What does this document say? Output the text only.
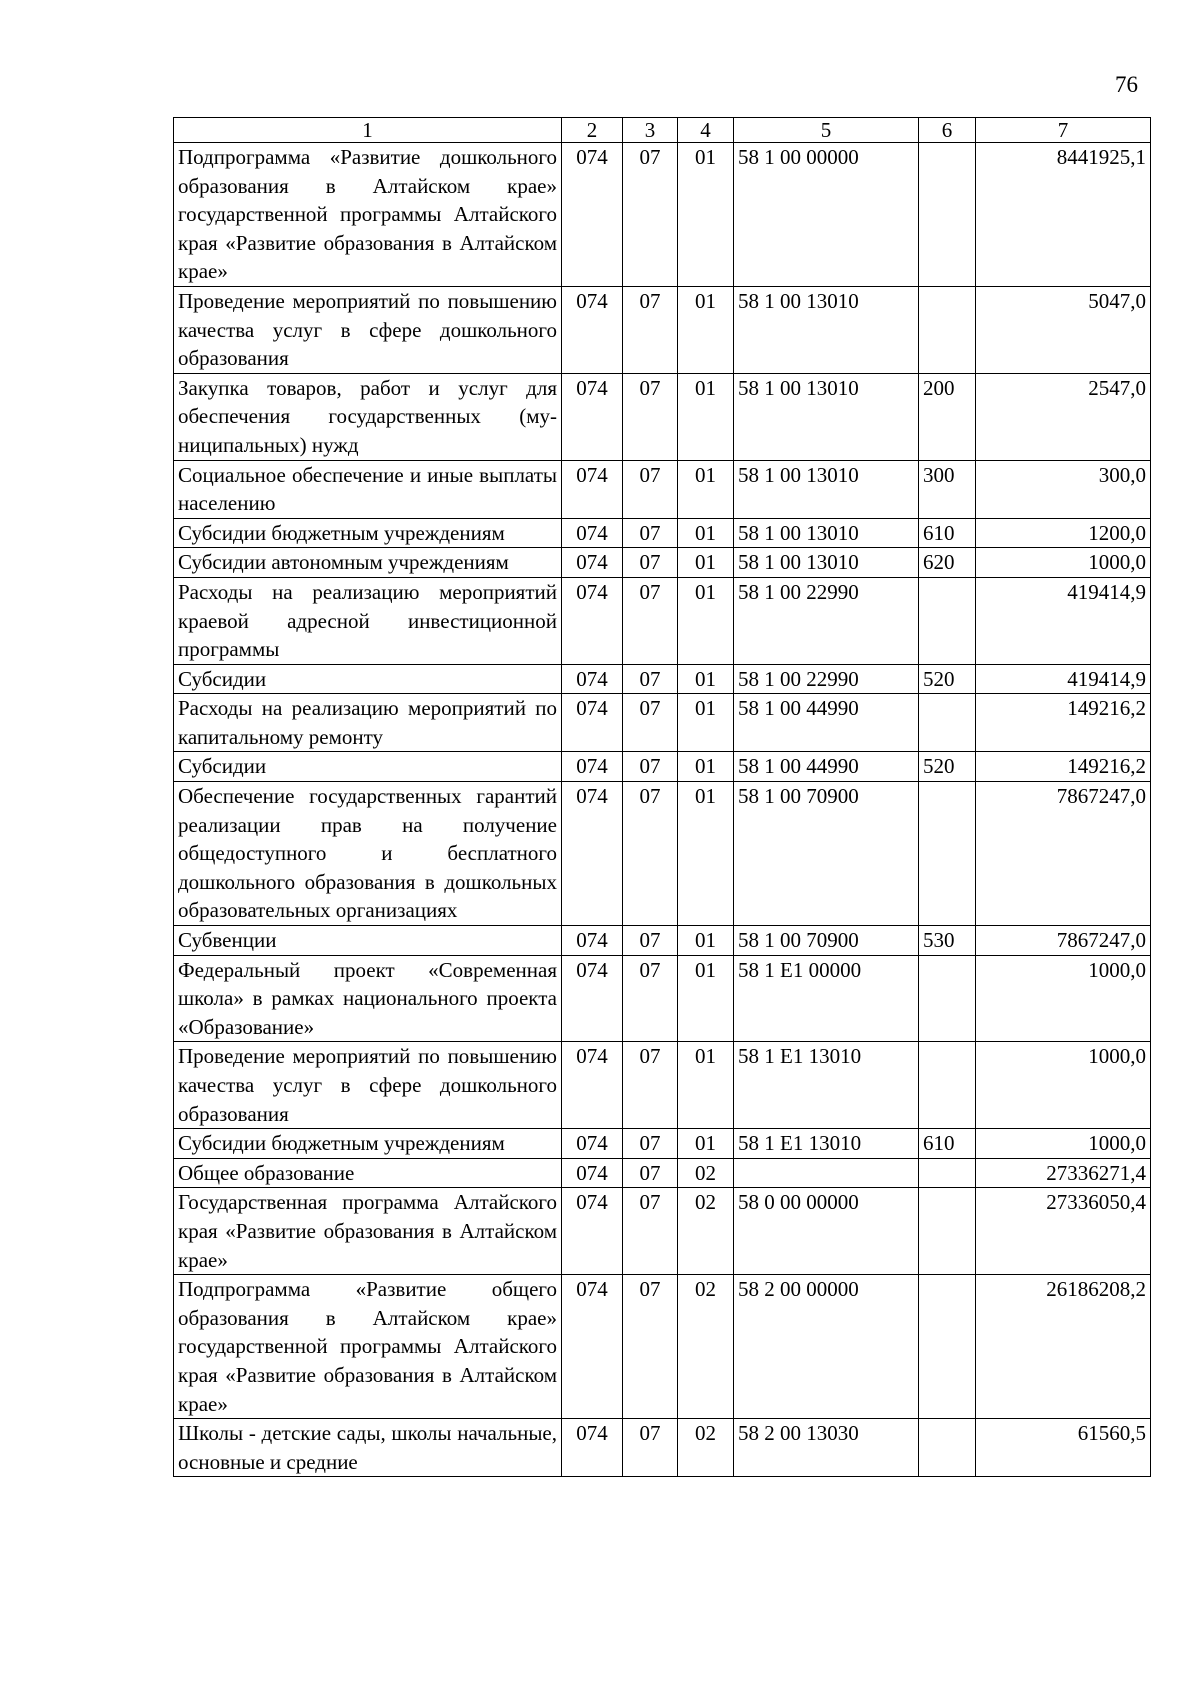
76
1	2	3	4	5	6	7
Подпрограмма «Развитие дошкольного образования в Алтайском крае» государственной программы Алтайского края «Развитие образования в Алтайском крае»	074	07	01	58 1 00 00000		8441925,1
Проведение мероприятий по повышению качества услуг в сфере дошкольного образования	074	07	01	58 1 00 13010		5047,0
Закупка товаров, работ и услуг для обеспечения государственных (муниципальных) нужд	074	07	01	58 1 00 13010	200	2547,0
Социальное обеспечение и иные выплаты населению	074	07	01	58 1 00 13010	300	300,0
Субсидии бюджетным учреждениям	074	07	01	58 1 00 13010	610	1200,0
Субсидии автономным учреждениям	074	07	01	58 1 00 13010	620	1000,0
Расходы на реализацию мероприятий краевой адресной инвестиционной программы	074	07	01	58 1 00 22990		419414,9
Субсидии	074	07	01	58 1 00 22990	520	419414,9
Расходы на реализацию мероприятий по капитальному ремонту	074	07	01	58 1 00 44990		149216,2
Субсидии	074	07	01	58 1 00 44990	520	149216,2
Обеспечение государственных гарантий реализации прав на получение общедоступного и бесплатного дошкольного образования в дошкольных образовательных организациях	074	07	01	58 1 00 70900		7867247,0
Субвенции	074	07	01	58 1 00 70900	530	7867247,0
Федеральный проект «Современная школа» в рамках национального проекта «Образование»	074	07	01	58 1 E1 00000		1000,0
Проведение мероприятий по повышению качества услуг в сфере дошкольного образования	074	07	01	58 1 E1 13010		1000,0
Субсидии бюджетным учреждениям	074	07	01	58 1 E1 13010	610	1000,0
Общее образование	074	07	02			27336271,4
Государственная программа Алтайского края «Развитие образования в Алтайском крае»	074	07	02	58 0 00 00000		27336050,4
Подпрограмма «Развитие общего образования в Алтайском крае» государственной программы Алтайского края «Развитие образования в Алтайском крае»	074	07	02	58 2 00 00000		26186208,2
Школы - детские сады, школы начальные, основные и средние	074	07	02	58 2 00 13030		61560,5
